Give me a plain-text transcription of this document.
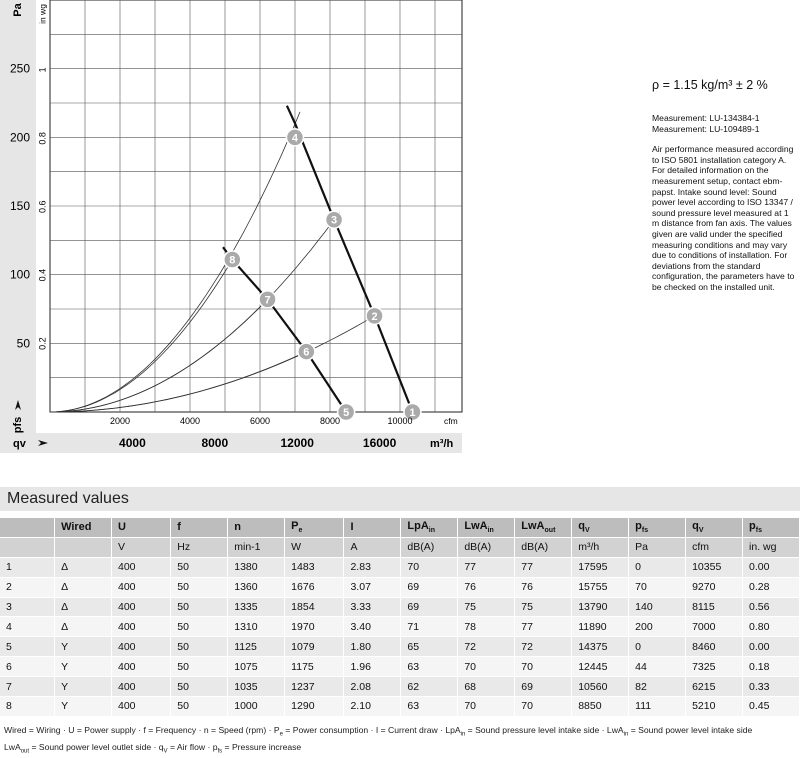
1
2
3
4
5
6
7
8
50
100
150
200
250
0.2
0.4
0.6
0.8
1
2000	4000	6000	8000	10000
4000	8000	12000	16000
Pa in wg
cfm
m³/h
qv
pfs

ρ = 1.15 kg/m³ ± 2 %

Measurement: LU-134384-1
Measurement: LU-109489-1

Air performance measured according to ISO 5801 installation category A. For detailed information on the measurement setup, contact ebm-papst. Intake sound level: Sound power level according to ISO 13347 / sound pressure level measured at 1 m distance from fan axis. The values given are valid under the specified measuring conditions and may vary due to conditions of installation. For deviations from the standard configuration, the parameters have to be checked on the installed unit.

Measured values
	Wired	U	f	n	$P_e$	I	LpA$_{in}$	LwA$_{in}$	LwA$_{out}$	$q_V$	$p_{fs}$	$q_V$	$p_{fs}$
		V	Hz	min-1	W	A	dB(A)	dB(A)	dB(A)	m³/h	Pa	cfm	in. wg
1	Δ	400	50	1380	1483	2.83	70	77	77	17595	0	10355	0.00
2	Δ	400	50	1360	1676	3.07	69	76	76	15755	70	9270	0.28
3	Δ	400	50	1335	1854	3.33	69	75	75	13790	140	8115	0.56
4	Δ	400	50	1310	1970	3.40	71	78	77	11890	200	7000	0.80
5	Y	400	50	1125	1079	1.80	65	72	72	14375	0	8460	0.00
6	Y	400	50	1075	1175	1.96	63	70	70	12445	44	7325	0.18
7	Y	400	50	1035	1237	2.08	62	68	69	10560	82	6215	0.33
8	Y	400	50	1000	1290	2.10	63	70	70	8850	111	5210	0.45
Wired = Wiring · U = Power supply · f = Frequency · n = Speed $(rpm) \cdot P_e$ = Power consumption · I = Current draw · LpA$_{in}$ = Sound pressure level intake side · LwA$_{in}$ = Sound power level intake side
LwA$_{out}$ = Sound power level outlet side · $q_V$ = Air flow · $p_{fs}$ = Pressure increase
